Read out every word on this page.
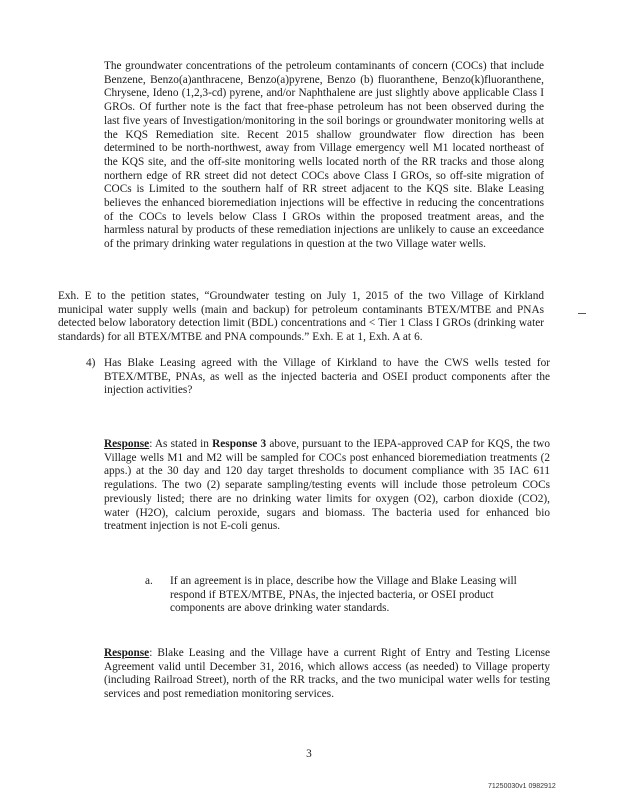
The groundwater concentrations of the petroleum contaminants of concern (COCs) that include Benzene, Benzo(a)anthracene, Benzo(a)pyrene, Benzo (b) fluoranthene, Benzo(k)fluoranthene, Chrysene, Ideno (1,2,3-cd) pyrene, and/or Naphthalene are just slightly above applicable Class I GROs. Of further note is the fact that free-phase petroleum has not been observed during the last five years of Investigation/monitoring in the soil borings or groundwater monitoring wells at the KQS Remediation site. Recent 2015 shallow groundwater flow direction has been determined to be north-northwest, away from Village emergency well M1 located northeast of the KQS site, and the off-site monitoring wells located north of the RR tracks and those along northern edge of RR street did not detect COCs above Class I GROs, so off-site migration of COCs is Limited to the southern half of RR street adjacent to the KQS site. Blake Leasing believes the enhanced bioremediation injections will be effective in reducing the concentrations of the COCs to levels below Class I GROs within the proposed treatment areas, and the harmless natural by products of these remediation injections are unlikely to cause an exceedance of the primary drinking water regulations in question at the two Village water wells.

Exh. E to the petition states, “Groundwater testing on July 1, 2015 of the two Village of Kirkland municipal water supply wells (main and backup) for petroleum contaminants BTEX/MTBE and PNAs detected below laboratory detection limit (BDL) concentrations and < Tier 1 Class I GROs (drinking water standards) for all BTEX/MTBE and PNA compounds.” Exh. E at 1, Exh. A at 6.

4) Has Blake Leasing agreed with the Village of Kirkland to have the CWS wells tested for BTEX/MTBE, PNAs, as well as the injected bacteria and OSEI product components after the injection activities?

Response: As stated in Response 3 above, pursuant to the IEPA-approved CAP for KQS, the two Village wells M1 and M2 will be sampled for COCs post enhanced bioremediation treatments (2 apps.) at the 30 day and 120 day target thresholds to document compliance with 35 IAC 611 regulations. The two (2) separate sampling/testing events will include those petroleum COCs previously listed; there are no drinking water limits for oxygen (O2), carbon dioxide (CO2), water (H2O), calcium peroxide, sugars and biomass. The bacteria used for enhanced bio treatment injection is not E-coli genus.

a. If an agreement is in place, describe how the Village and Blake Leasing will respond if BTEX/MTBE, PNAs, the injected bacteria, or OSEI product components are above drinking water standards.

Response: Blake Leasing and the Village have a current Right of Entry and Testing License Agreement valid until December 31, 2016, which allows access (as needed) to Village property (including Railroad Street), north of the RR tracks, and the two municipal water wells for testing services and post remediation monitoring services.

3
71250030v1 0982912
